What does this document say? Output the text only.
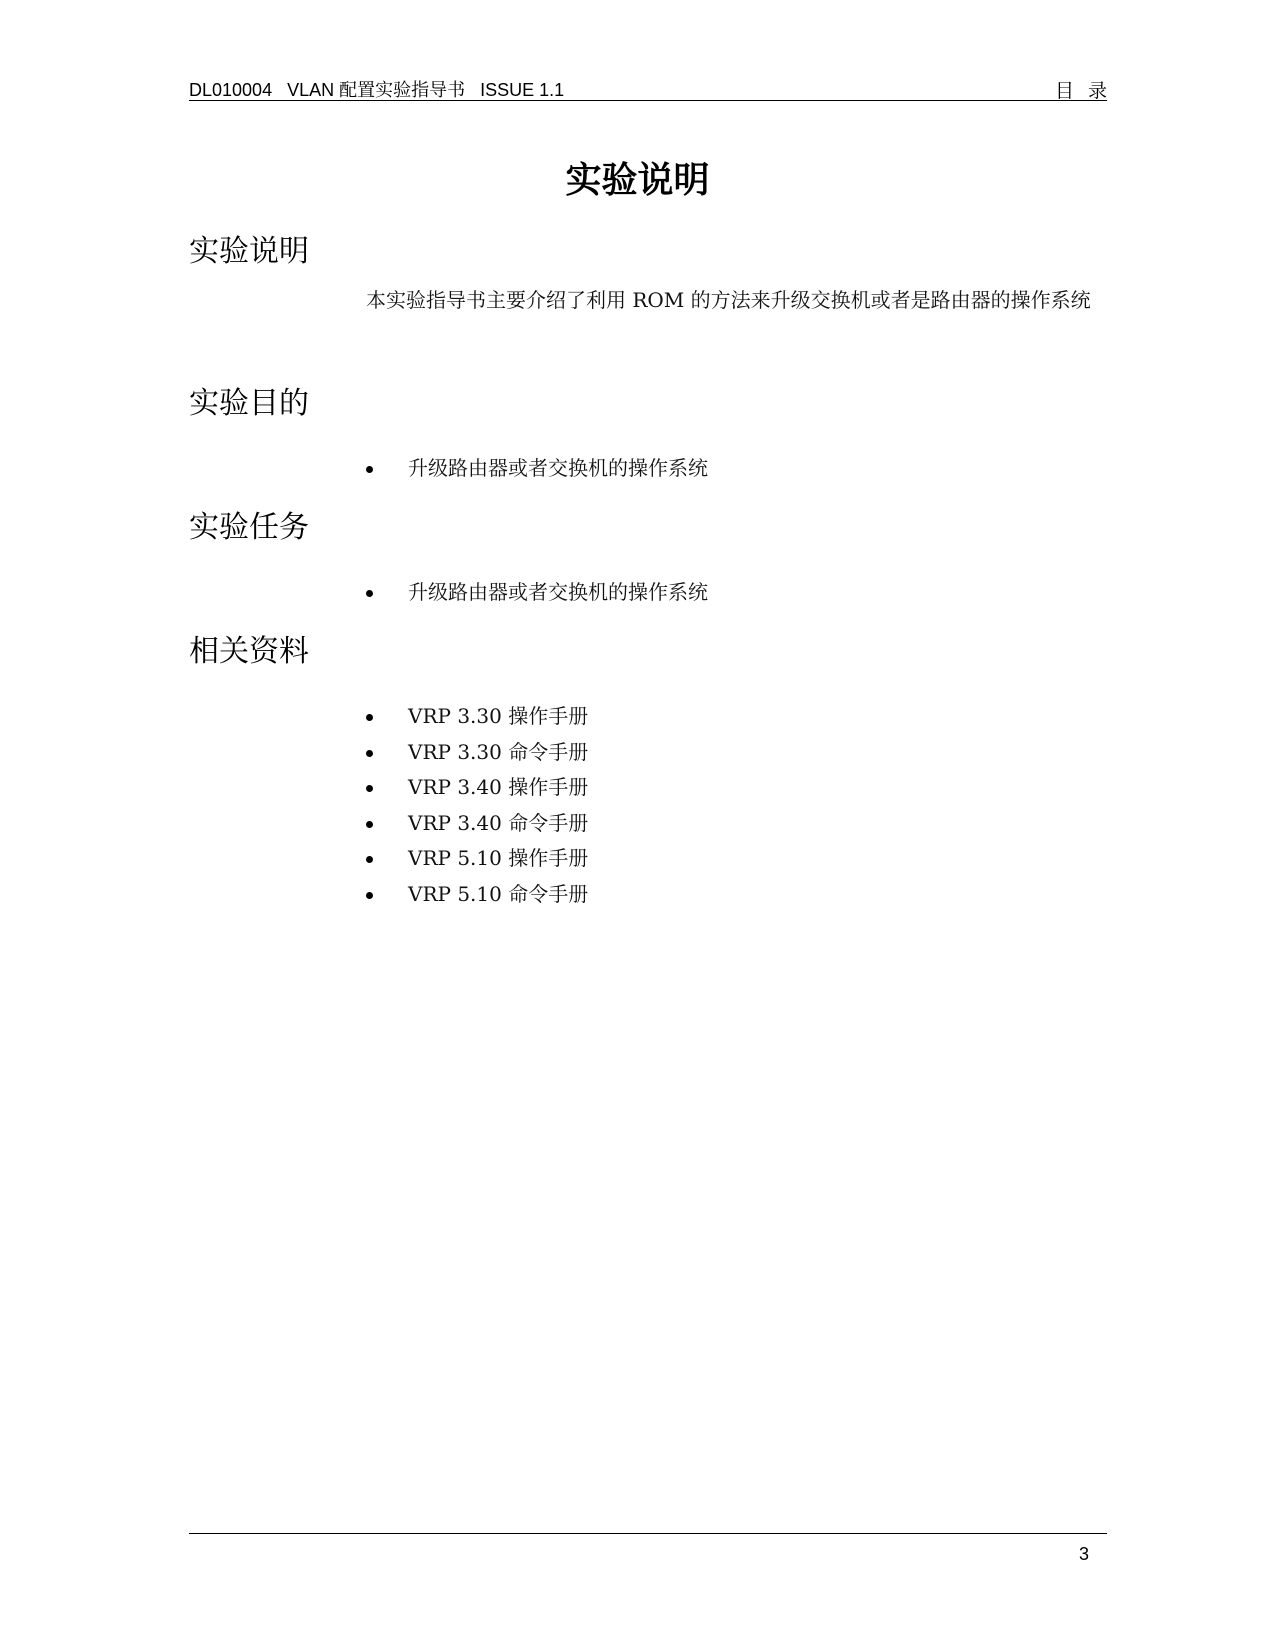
DL010004   VLAN 配置实验指导书   ISSUE 1.1	目录
实验说明
实验说明

本实验指导书主要介绍了利用 ROM 的方法来升级交换机或者是路由器的操作系统

实验目的
升级路由器或者交换机的操作系统
实验任务
升级路由器或者交换机的操作系统
相关资料
VRP 3.30 操作手册
VRP 3.30 命令手册
VRP 3.40 操作手册
VRP 3.40 命令手册
VRP 5.10 操作手册
VRP 5.10 命令手册
3
